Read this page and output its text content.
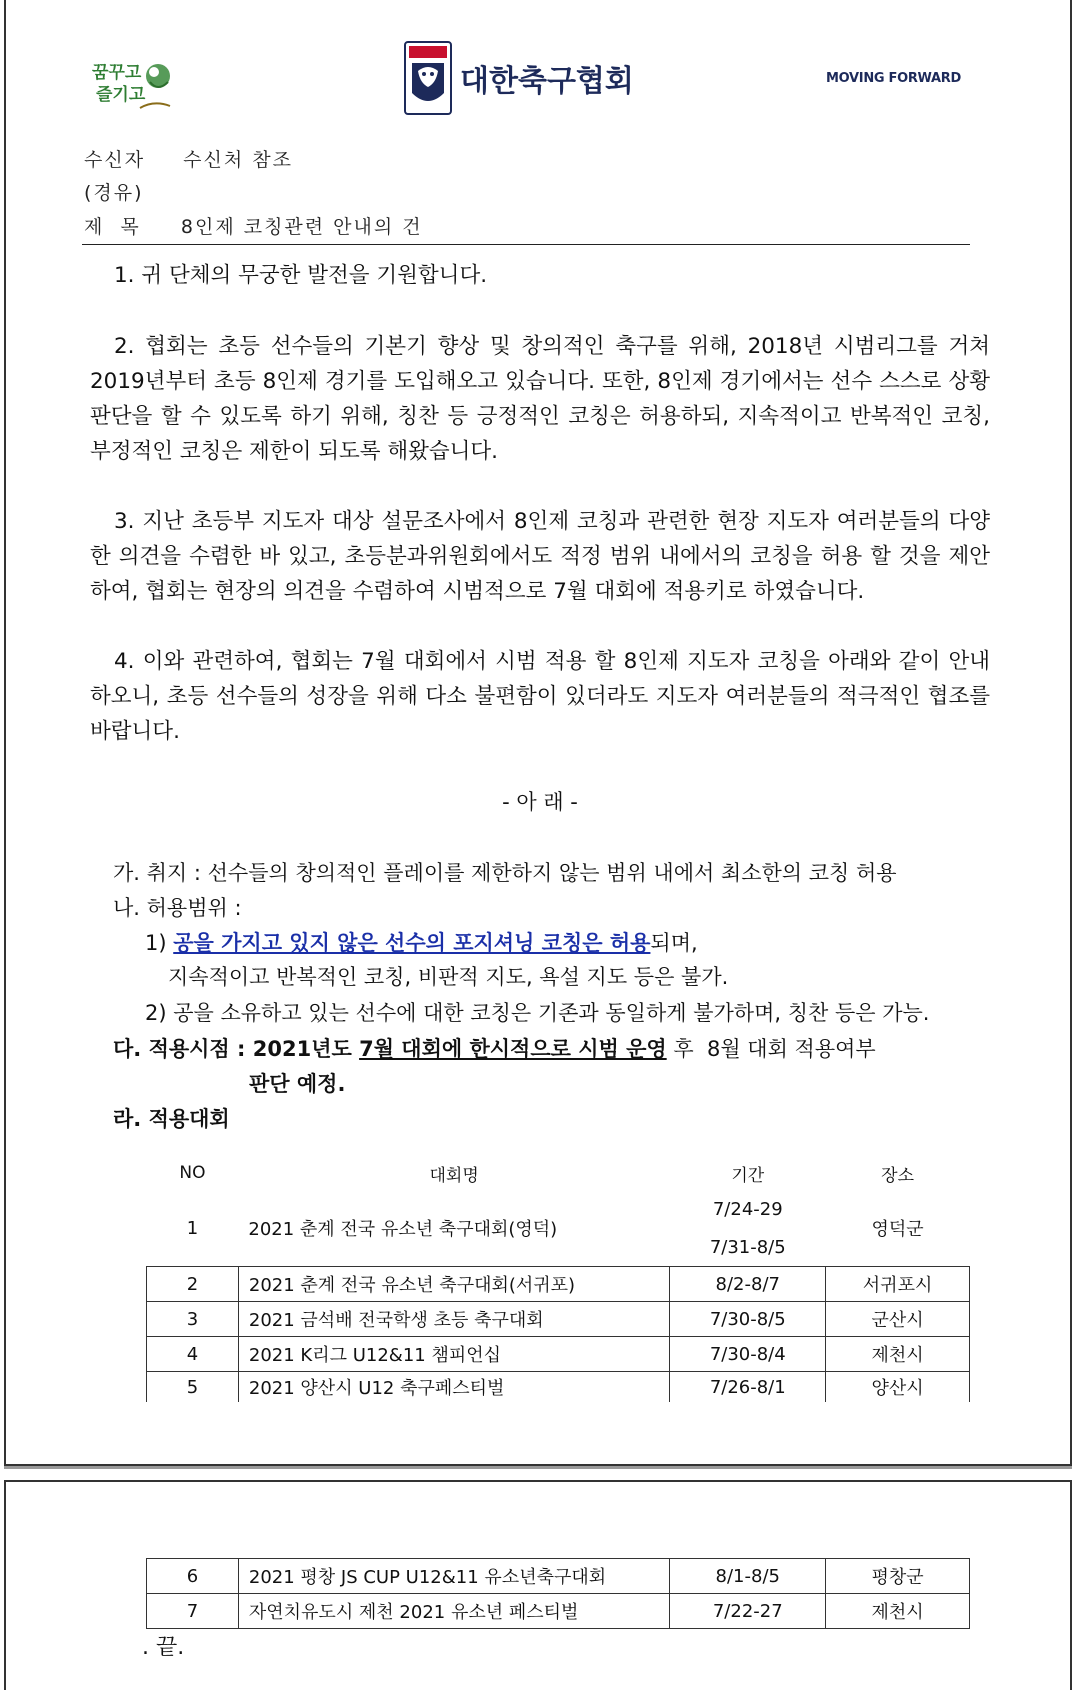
꿈꾸고
즐기고	대한축구협회	MOVING FORWARD
수신자 수신처 참조
(경유)
제  목 8인제 코칭관련 안내의 건
1. 귀 단체의 무궁한 발전을 기원합니다.
2. 협회는 초등 선수들의 기본기 향상 및 창의적인 축구를 위해, 2018년 시범리그를 거쳐 2019년부터 초등 8인제 경기를 도입해오고 있습니다. 또한, 8인제 경기에서는 선수 스스로 상황 판단을 할 수 있도록 하기 위해, 칭찬 등 긍정적인 코칭은 허용하되, 지속적이고 반복적인 코칭, 부정적인 코칭은 제한이 되도록 해왔습니다.
3. 지난 초등부 지도자 대상 설문조사에서 8인제 코칭과 관련한 현장 지도자 여러분들의 다양한 의견을 수렴한 바 있고, 초등분과위원회에서도 적정 범위 내에서의 코칭을 허용 할 것을 제안하여, 협회는 현장의 의견을 수렴하여 시범적으로 7월 대회에 적용키로 하였습니다.
4. 이와 관련하여, 협회는 7월 대회에서 시범 적용 할 8인제 지도자 코칭을 아래와 같이 안내하오니, 초등 선수들의 성장을 위해 다소 불편함이 있더라도 지도자 여러분들의 적극적인 협조를 바랍니다.
- 아 래 -
가. 취지 : 선수들의 창의적인 플레이를 제한하지 않는 범위 내에서 최소한의 코칭 허용
나. 허용범위 :
1) 공을 가지고 있지 않은 선수의 포지셔닝 코칭은 허용되며,
지속적이고 반복적인 코칭, 비판적 지도, 욕설 지도 등은 불가.
2) 공을 소유하고 있는 선수에 대한 코칭은 기존과 동일하게 불가하며, 칭찬 등은 가능.
다. 적용시점 : 2021년도 7월 대회에 한시적으로 시범 운영 후  8월 대회 적용여부
판단 예정.
라. 적용대회
NO	대회명	기간	장소
1	2021 춘계 전국 유소년 축구대회(영덕)	7/24-29	영덕군
		7/31-8/5	
2	2021 춘계 전국 유소년 축구대회(서귀포)	8/2-8/7	서귀포시
3	2021 금석배 전국학생 초등 축구대회	7/30-8/5	군산시
4	2021 K리그 U12&11 챔피언십	7/30-8/4	제천시
5	2021 양산시 U12 축구페스티벌	7/26-8/1	양산시
6	2021 평창 JS CUP U12&11 유소년축구대회	8/1-8/5	평창군
7	자연치유도시 제천 2021 유소년 페스티벌	7/22-27	제천시
. 끝.
